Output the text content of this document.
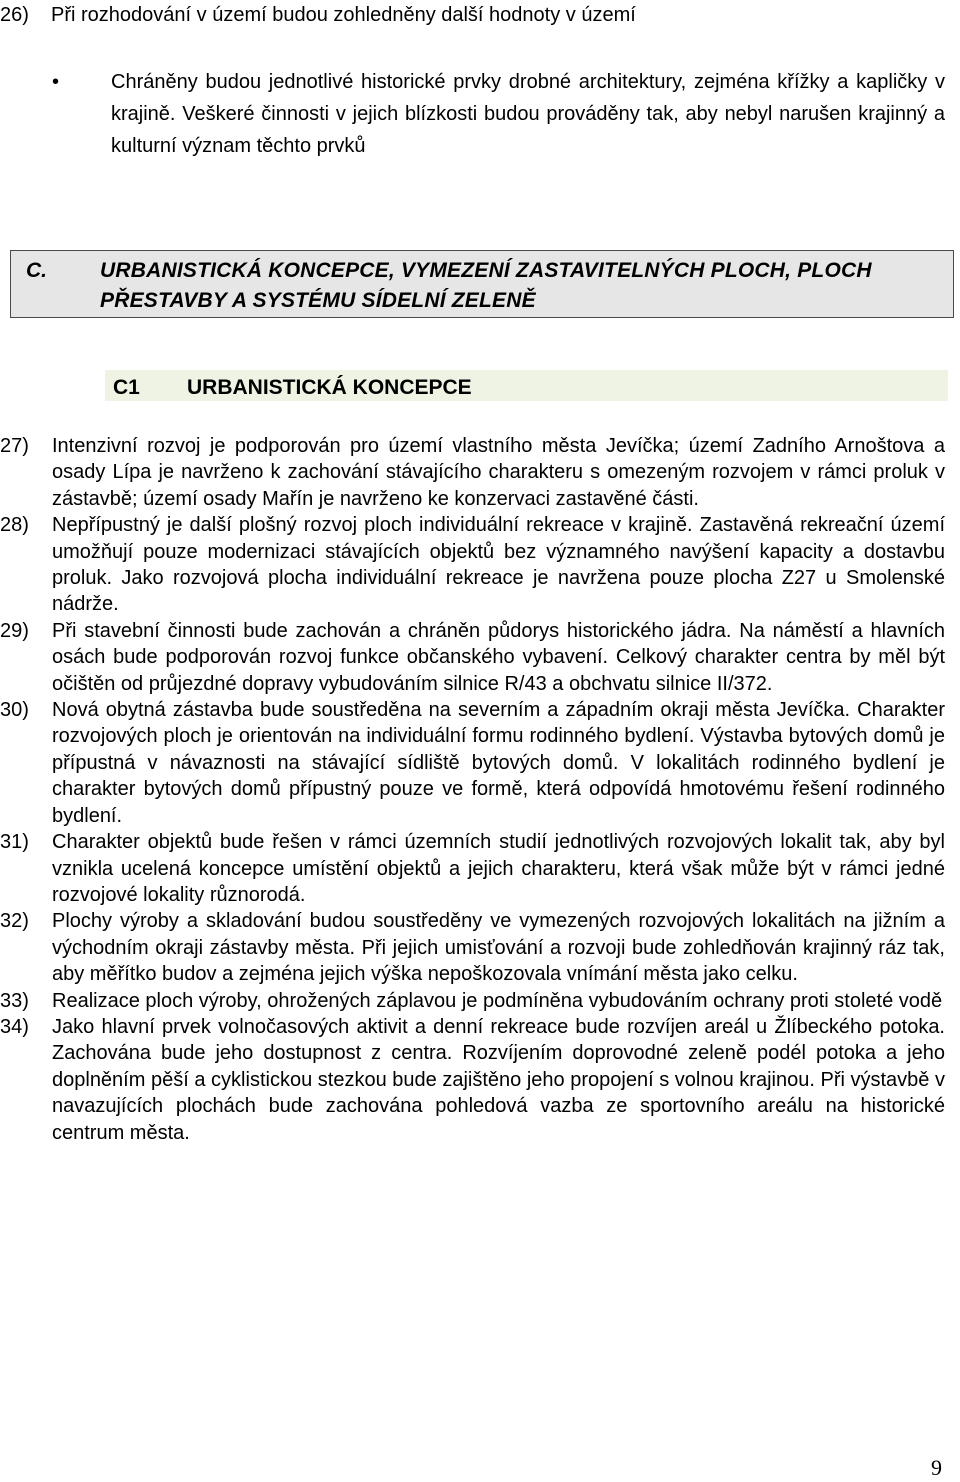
26) Při rozhodování v území budou zohledněny další hodnoty v území
•	Chráněny budou jednotlivé historické prvky drobné architektury, zejména křížky a kapličky v krajině. Veškeré činnosti v jejich blízkosti budou prováděny tak, aby nebyl narušen krajinný a kulturní význam těchto prvků
C.	URBANISTICKÁ KONCEPCE, VYMEZENÍ ZASTAVITELNÝCH PLOCH, PLOCH PŘESTAVBY A SYSTÉMU SÍDELNÍ ZELENĚ
C1 URBANISTICKÁ KONCEPCE
27) Intenzivní rozvoj je podporován pro území vlastního města Jevíčka; území Zadního Arnoštova a osady Lípa je navrženo k zachování stávajícího charakteru s omezeným rozvojem v rámci proluk v zástavbě; území osady Mařín je navrženo ke konzervaci zastavěné části.
28) Nepřípustný je další plošný rozvoj ploch individuální rekreace v krajině. Zastavěná rekreační území umožňují pouze modernizaci stávajících objektů bez významného navýšení kapacity a dostavbu proluk. Jako rozvojová plocha individuální rekreace je navržena pouze plocha Z27 u Smolenské nádrže.
29) Při stavební činnosti bude zachován a chráněn půdorys historického jádra. Na náměstí a hlavních osách bude podporován rozvoj funkce občanského vybavení. Celkový charakter centra by měl být očištěn od průjezdné dopravy vybudováním silnice R/43 a obchvatu silnice II/372.
30) Nová obytná zástavba bude soustředěna na severním a západním okraji města Jevíčka. Charakter rozvojových ploch je orientován na individuální formu rodinného bydlení. Výstavba bytových domů je přípustná v návaznosti na stávající sídliště bytových domů. V lokalitách rodinného bydlení je charakter bytových domů přípustný pouze ve formě, která odpovídá hmotovému řešení rodinného bydlení.
31) Charakter objektů bude řešen v rámci územních studií jednotlivých rozvojových lokalit tak, aby byl vznikla ucelená koncepce umístění objektů a jejich charakteru, která však může být v rámci jedné rozvojové lokality různorodá.
32) Plochy výroby a skladování budou soustředěny ve vymezených rozvojových lokalitách na jižním a východním okraji zástavby města. Při jejich umisťování a rozvoji bude zohledňován krajinný ráz tak, aby měřítko budov a zejména jejich výška nepoškozovala vnímání města jako celku.
33) Realizace ploch výroby, ohrožených záplavou je podmíněna vybudováním ochrany proti stoleté vodě
34) Jako hlavní prvek volnočasových aktivit a denní rekreace bude rozvíjen areál u Žlíbeckého potoka. Zachována bude jeho dostupnost z centra. Rozvíjením doprovodné zeleně podél potoka a jeho doplněním pěší a cyklistickou stezkou bude zajištěno jeho propojení s volnou krajinou. Při výstavbě v navazujících plochách bude zachována pohledová vazba ze sportovního areálu na historické centrum města.
9
